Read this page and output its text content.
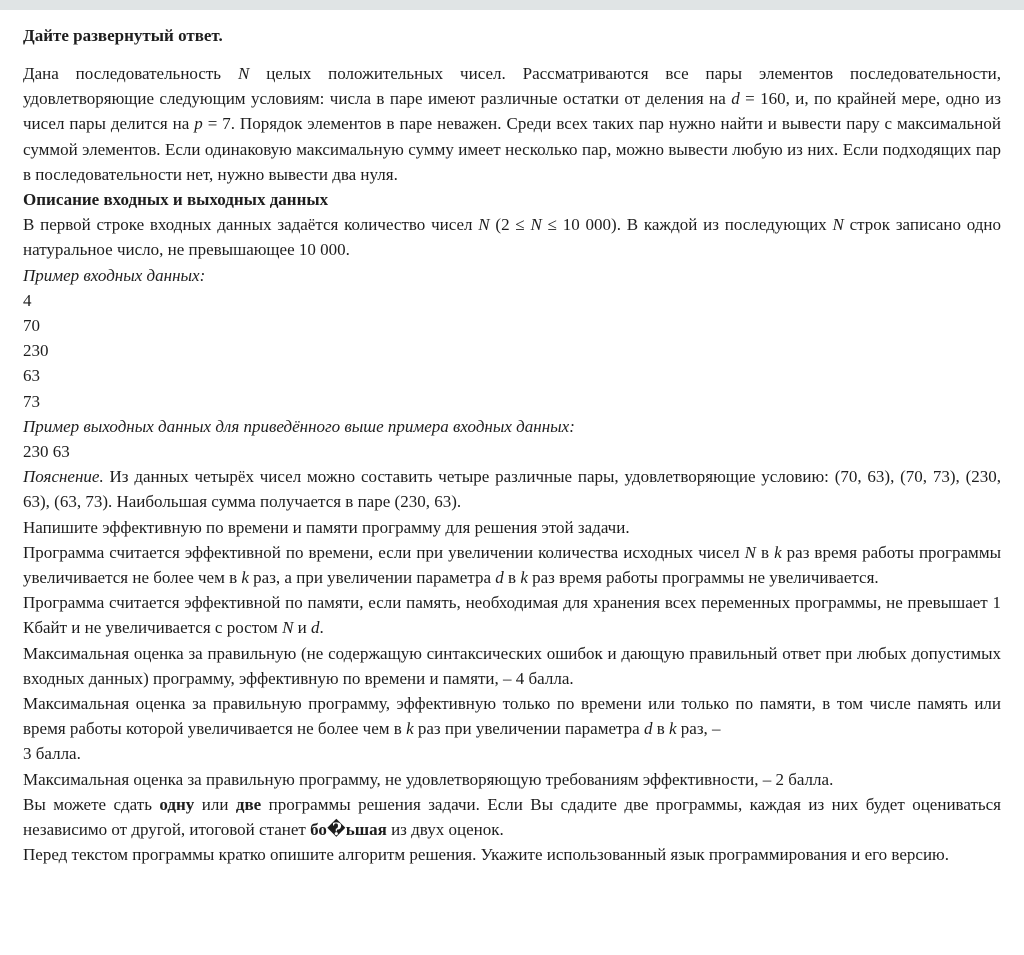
Дайте развернутый ответ.

Дана последовательность N целых положительных чисел. Рассматриваются все пары элементов последовательности, удовлетворяющие следующим условиям: числа в паре имеют различные остатки от деления на d = 160, и, по крайней мере, одно из чисел пары делится на p = 7. Порядок элементов в паре неважен. Среди всех таких пар нужно найти и вывести пару с максимальной суммой элементов. Если одинаковую максимальную сумму имеет несколько пар, можно вывести любую из них. Если подходящих пар в последовательности нет, нужно вывести два нуля.

Описание входных и выходных данных

В первой строке входных данных задаётся количество чисел N (2 ≤ N ≤ 10 000). В каждой из последующих N строк записано одно натуральное число, не превышающее 10 000.

Пример входных данных:

4

70

230

63

73

Пример выходных данных для приведённого выше примера входных данных:

230 63

Пояснение. Из данных четырёх чисел можно составить четыре различные пары, удовлетворяющие условию: (70, 63), (70, 73), (230, 63), (63, 73). Наибольшая сумма получается в паре (230, 63).

Напишите эффективную по времени и памяти программу для решения этой задачи.

Программа считается эффективной по времени, если при увеличении количества исходных чисел N в k раз время работы программы увеличивается не более чем в k раз, а при увеличении параметра d в k раз время работы программы не увеличивается.

Программа считается эффективной по памяти, если память, необходимая для хранения всех переменных программы, не превышает 1 Кбайт и не увеличивается с ростом N и d.

Максимальная оценка за правильную (не содержащую синтаксических ошибок и дающую правильный ответ при любых допустимых входных данных) программу, эффективную по времени и памяти, – 4 балла.

Максимальная оценка за правильную программу, эффективную только по времени или только по памяти, в том числе память или время работы которой увеличивается не более чем в k раз при увеличении параметра d в k раз, –
3 балла.

Максимальная оценка за правильную программу, не удовлетворяющую требованиям эффективности, – 2 балла.

Вы можете сдать одну или две программы решения задачи. Если Вы сдадите две программы, каждая из них будет оцениваться независимо от другой, итоговой станет бо�ьшая из двух оценок.

Перед текстом программы кратко опишите алгоритм решения. Укажите использованный язык программирования и его версию.
